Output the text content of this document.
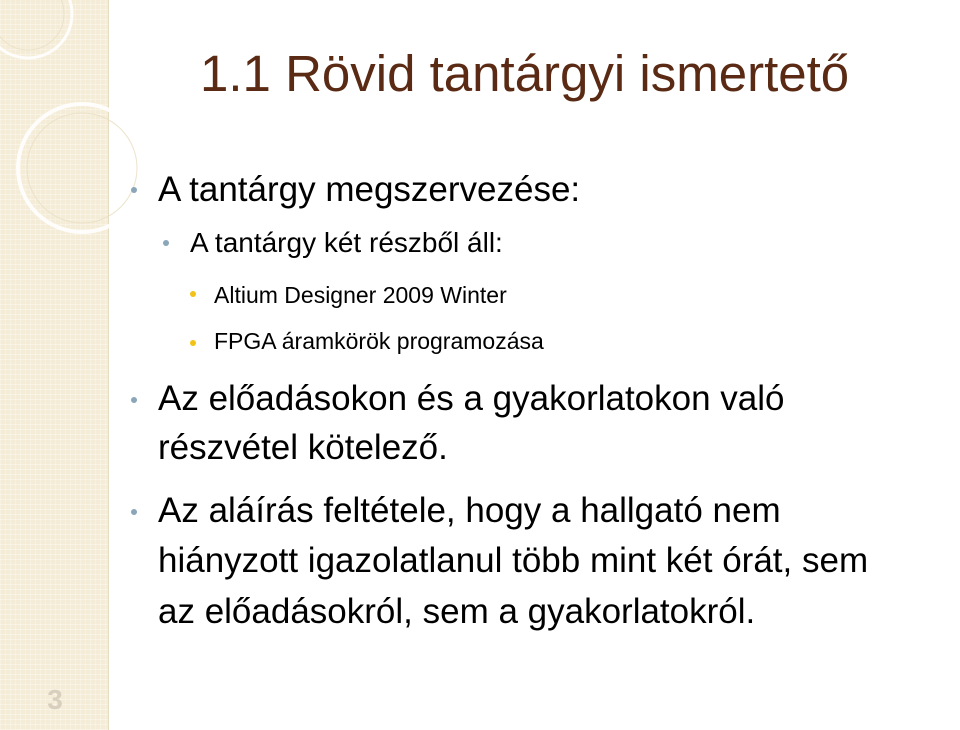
3
1.1 Rövid tantárgyi ismertető

A tantárgy megszervezése:

A tantárgy két részből áll:

Altium Designer 2009 Winter

FPGA áramkörök programozása

Az előadásokon és a gyakorlatokon való

részvétel kötelező.

Az aláírás feltétele, hogy a hallgató nem

hiányzott igazolatlanul több mint két órát, sem

az előadásokról, sem a gyakorlatokról.
